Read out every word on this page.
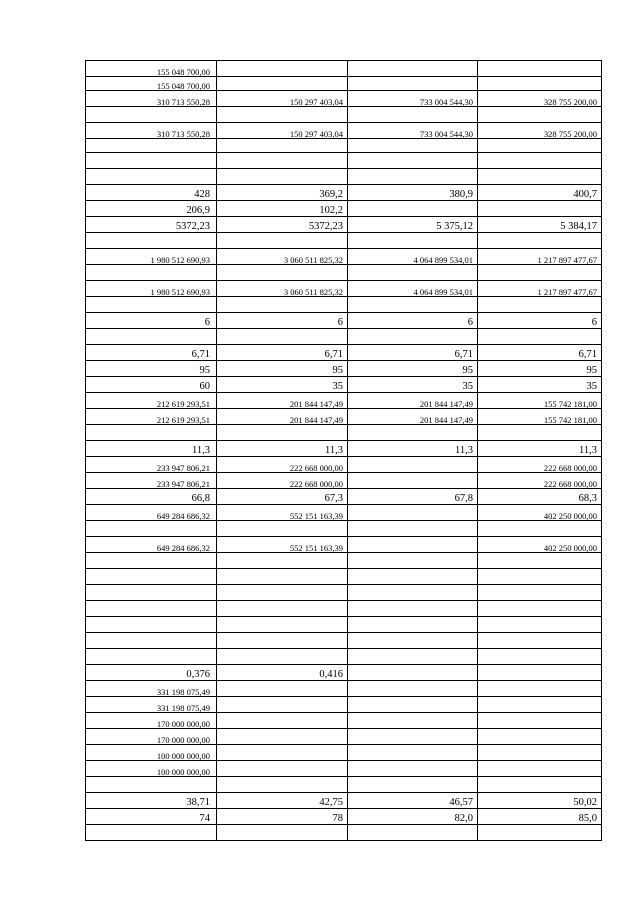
155 048 700,00			
155 048 700,00			
310 713 550,28	150 297 403,04	733 004 544,30	328 755 200,00

310 713 550,28	150 297 403,04	733 004 544,30	328 755 200,00

428	369,2	380,9	400,7
206,9	102,2		
5372,23	5372,23	5 375,12	5 384,17

1 980 512 690,93	3 060 511 825,32	4 064 899 534,01	1 217 897 477,67

1 980 512 690,93	3 060 511 825,32	4 064 899 534,01	1 217 897 477,67

6	6	6	6

6,71	6,71	6,71	6,71
95	95	95	95
60	35	35	35
212 619 293,51	201 844 147,49	201 844 147,49	155 742 181,00
212 619 293,51	201 844 147,49	201 844 147,49	155 742 181,00

11,3	11,3	11,3	11,3
233 947 806,21	222 668 000,00		222 668 000,00
233 947 806,21	222 668 000,00		222 668 000,00
66,8	67,3	67,8	68,3
649 284 686,32	552 151 163,39		402 250 000,00

649 284 686,32	552 151 163,39		402 250 000,00

0,376	0,416		
331 198 075,49			
331 198 075,49			
170 000 000,00			
170 000 000,00			
100 000 000,00			
100 000 000,00			

38,71	42,75	46,57	50,02
74	78	82,0	85,0
